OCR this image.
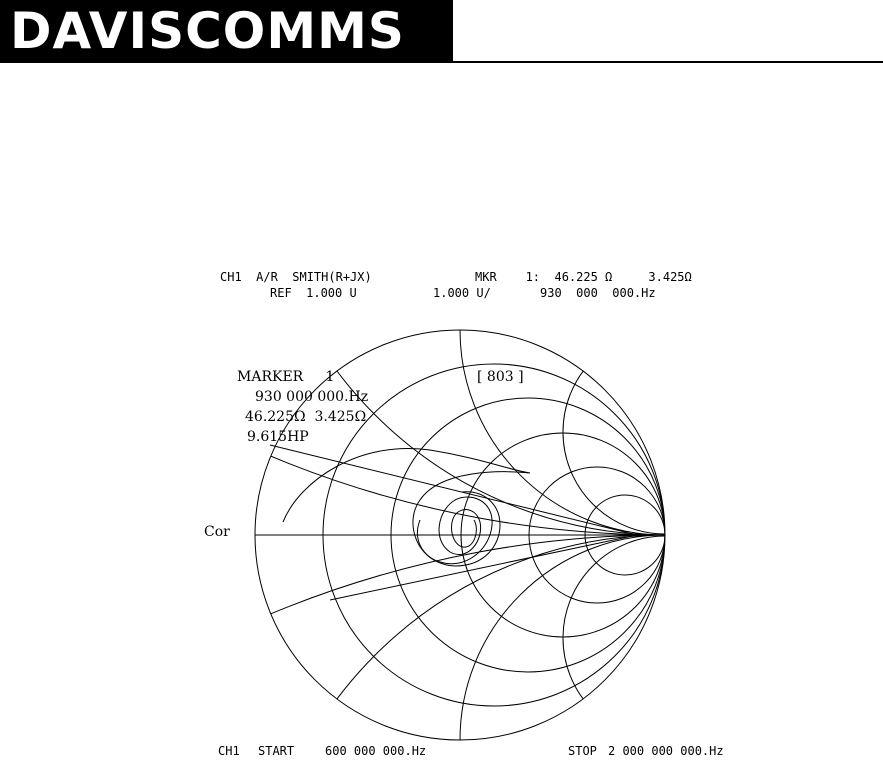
DAVISCOMMS
CH1  A/R  SMITH(R+JX)	MKR    1:  46.225 Ω     3.425Ω
REF  1.000 U	1.000 U/	930  000  000.Hz
MARKER     1	[ 803 ]
930 000 000.Hz
46.225Ω  3.425Ω
9.615HP
Cor
CH1 START	600 000 000.Hz	STOP 2 000 000 000.Hz
